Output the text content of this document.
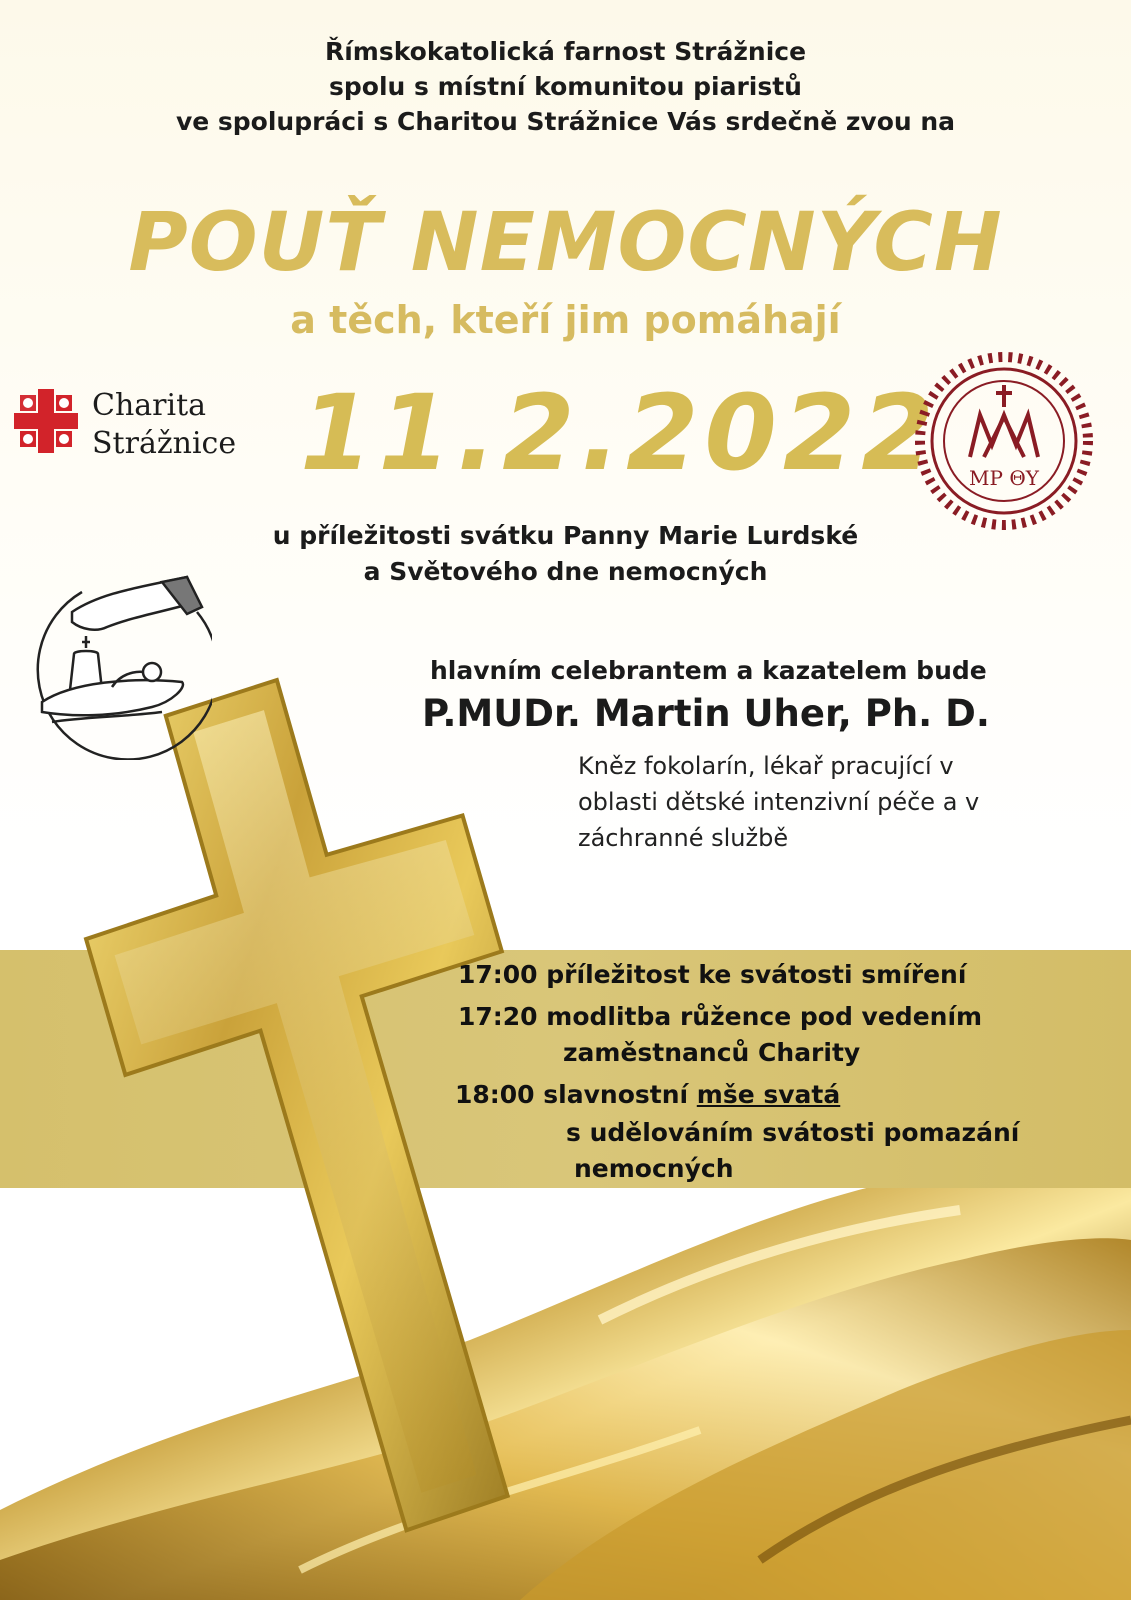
Římskokatolická farnost Strážnice
spolu s místní komunitou piaristů
ve spolupráci s Charitou Strážnice Vás srdečně zvou na
POUŤ NEMOCNÝCH
a těch, kteří jim pomáhají
11.2.2022
Charita
Strážnice
ΜΡ ΘΥ
u příležitosti svátku Panny Marie Lurdské
a Světového dne nemocných
hlavním celebrantem a kazatelem bude
P.MUDr. Martin Uher, Ph. D.
Kněz fokolarín, lékař pracující v
oblasti dětské intenzivní péče a v
záchranné službě
17:00 příležitost ke svátosti smíření
17:20 modlitba růžence pod vedením
zaměstnanců Charity
18:00 slavnostní mše svatá
s udělováním svátosti pomazání
nemocných
